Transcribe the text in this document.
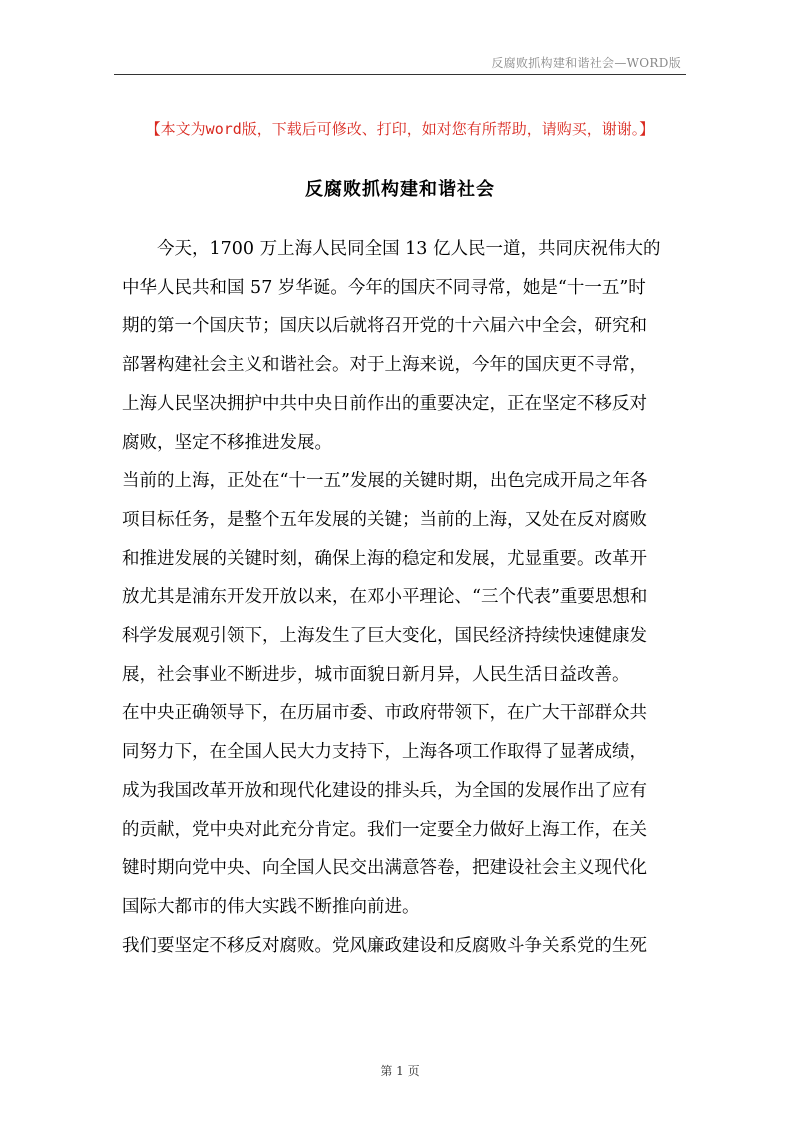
反腐败抓构建和谐社会—WORD版
【本文为word版，下载后可修改、打印，如对您有所帮助，请购买，谢谢。】
反腐败抓构建和谐社会

今天，1700 万上海人民同全国 13 亿人民一道，共同庆祝伟大的
中华人民共和国 57 岁华诞。今年的国庆不同寻常，她是“十一五”时
期的第一个国庆节；国庆以后就将召开党的十六届六中全会，研究和
部署构建社会主义和谐社会。对于上海来说，今年的国庆更不寻常，
上海人民坚决拥护中共中央日前作出的重要决定，正在坚定不移反对
腐败，坚定不移推进发展。

当前的上海，正处在“十一五”发展的关键时期，出色完成开局之年各
项目标任务，是整个五年发展的关键；当前的上海，又处在反对腐败
和推进发展的关键时刻，确保上海的稳定和发展，尤显重要。改革开
放尤其是浦东开发开放以来，在邓小平理论、“三个代表”重要思想和
科学发展观引领下，上海发生了巨大变化，国民经济持续快速健康发
展，社会事业不断进步，城市面貌日新月异，人民生活日益改善。

在中央正确领导下，在历届市委、市政府带领下，在广大干部群众共
同努力下，在全国人民大力支持下，上海各项工作取得了显著成绩，
成为我国改革开放和现代化建设的排头兵，为全国的发展作出了应有
的贡献，党中央对此充分肯定。我们一定要全力做好上海工作，在关
键时期向党中央、向全国人民交出满意答卷，把建设社会主义现代化
国际大都市的伟大实践不断推向前进。

我们要坚定不移反对腐败。党风廉政建设和反腐败斗争关系党的生死

第 1 页
